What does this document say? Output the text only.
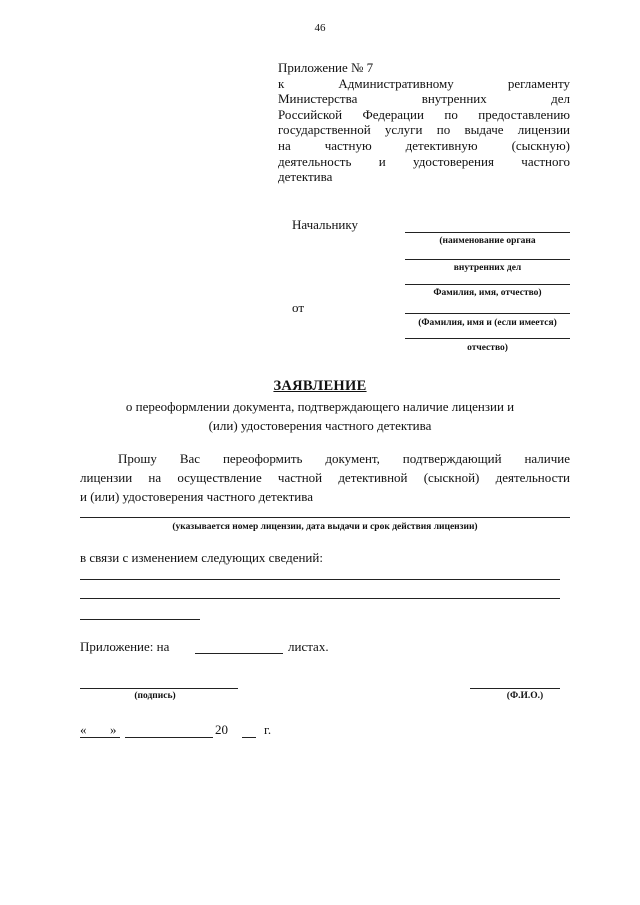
46
Приложение № 7
к Административному регламенту
Министерства внутренних дел
Российской Федерации по предоставлению
государственной услуги по выдаче лицензии
на частную детективную (сыскную)
деятельность и удостоверения частного
детектива
Начальнику
(наименование органа
внутренних дел
Фамилия, имя, отчество)
от
(Фамилия, имя и (если имеется)
отчество)
ЗАЯВЛЕНИЕ
о переоформлении документа, подтверждающего наличие лицензии и
(или) удостоверения частного детектива
Прошу Вас переоформить документ, подтверждающий наличие
лицензии на осуществление частной детективной (сыскной) деятельности
и (или) удостоверения частного детектива
(указывается номер лицензии, дата выдачи и срок действия лицензии)
в связи с изменением следующих сведений:
Приложение: на	листах.
(подпись)	(Ф.И.О.)
« »	20	г.
